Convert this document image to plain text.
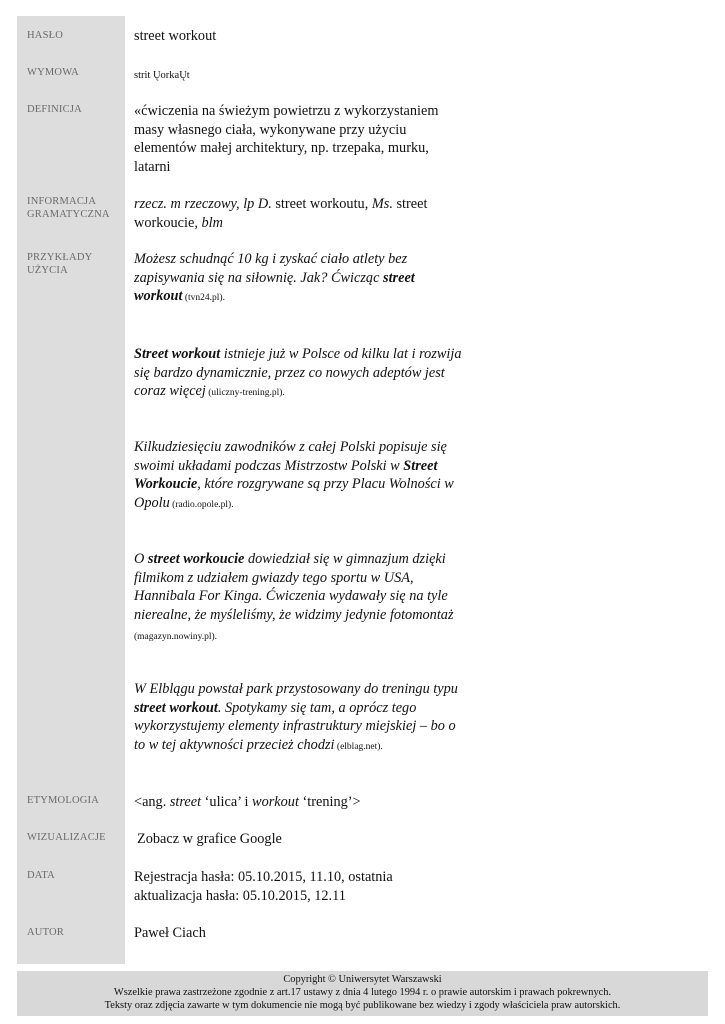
HASŁO
WYMOWA
DEFINICJA
INFORMACJA
GRAMATYCZNA
PRZYKŁADY
UŻYCIA
ETYMOLOGIA
WIZUALIZACJE
DATA
AUTOR
street workout
strit ŲorkaŲt
«ćwiczenia na świeżym powietrzu z wykorzystaniem masy własnego ciała, wykonywane przy użyciu elementów małej architektury, np. trzepaka, murku, latarni
rzecz. m rzeczowy, lp D. street workoutu, Ms. street workoucie, blm
Możesz schudnąć 10 kg i zyskać ciało atlety bez zapisywania się na siłownię. Jak? Ćwicząc street workout (tvn24.pl).
Street workout istnieje już w Polsce od kilku lat i rozwija się bardzo dynamicznie, przez co nowych adeptów jest coraz więcej (uliczny-trening.pl).
Kilkudziesięciu zawodników z całej Polski popisuje się swoimi układami podczas Mistrzostw Polski w Street Workoucie, które rozgrywane są przy Placu Wolności w Opolu (radio.opole.pl).
O street workoucie dowiedział się w gimnazjum dzięki filmikom z udziałem gwiazdy tego sportu w USA, Hannibala For Kinga. Ćwiczenia wydawały się na tyle nierealne, że myśleliśmy, że widzimy jedynie fotomontaż (magazyn.nowiny.pl).
W Elblągu powstał park przystosowany do treningu typu street workout. Spotykamy się tam, a oprócz tego wykorzystujemy elementy infrastruktury miejskiej – bo o to w tej aktywności przecież chodzi (elblag.net).
<ang. street ‘ulica’ i workout ‘trening’>
Zobacz w grafice Google
Rejestracja hasła: 05.10.2015, 11.10, ostatnia aktualizacja hasła: 05.10.2015, 12.11
Paweł Ciach
Copyright © Uniwersytet Warszawski
Wszelkie prawa zastrzeżone zgodnie z art.17 ustawy z dnia 4 lutego 1994 r. o prawie autorskim i prawach pokrewnych.
Teksty oraz zdjęcia zawarte w tym dokumencie nie mogą być publikowane bez wiedzy i zgody właściciela praw autorskich.
